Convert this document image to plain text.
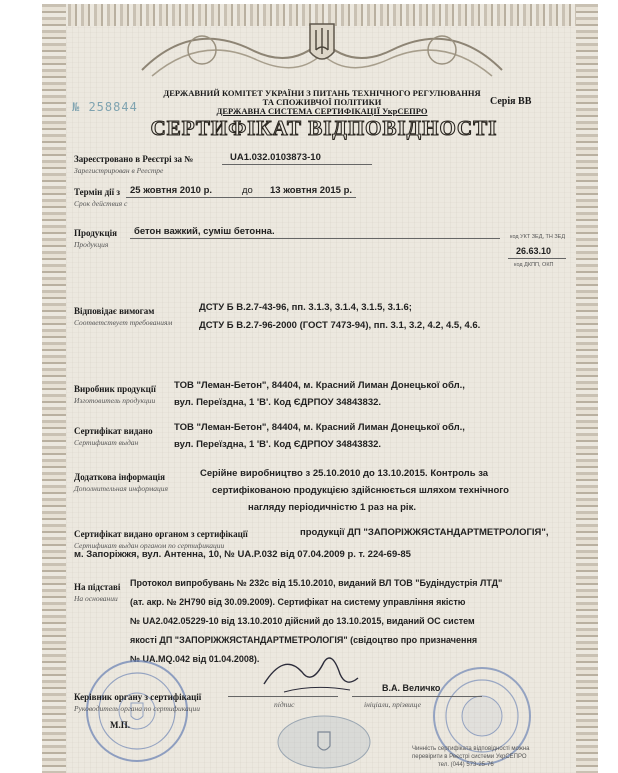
ДЕРЖАВНИЙ КОМІТЕТ УКРАЇНИ З ПИТАНЬ ТЕХНІЧНОГО РЕГУЛЮВАННЯ
ТА СПОЖИВЧОЇ ПОЛІТИКИ
ДЕРЖАВНА СИСТЕМА СЕРТИФІКАЦІЇ УкрСЕПРО
№ 258844	Серія ВВ
СЕРТИФІКАТ ВІДПОВІДНОСТІ
Зареєстровано в Реєстрі за №
Зарегистрирован в Реестре
UA1.032.0103873-10
Термін дії з
Срок действия с
25 жовтня 2010 р.	до 13 жовтня 2015 р.
Продукція
Продукция
бетон важкий, суміш бетонна.	код УКТ ЗЕД, ТН ЗЕД
26.63.10
код ДКПП, ОКП
Відповідає вимогам
Соответствует требованиям
ДСТУ Б В.2.7-43-96, пп. 3.1.3, 3.1.4, 3.1.5, 3.1.6;
ДСТУ Б В.2.7-96-2000 (ГОСТ 7473-94), пп. 3.1, 3.2, 4.2, 4.5, 4.6.
Виробник продукції
Изготовитель продукции
ТОВ "Леман-Бетон", 84404, м. Красний Лиман Донецької обл.,
вул. Переїздна, 1 'В'. Код ЄДРПОУ 34843832.
Сертифікат видано
Сертификат выдан
ТОВ "Леман-Бетон", 84404, м. Красний Лиман Донецької обл.,
вул. Переїздна, 1 'В'. Код ЄДРПОУ 34843832.
Додаткова інформація
Дополнительная информация
Серійне виробництво з 25.10.2010 до 13.10.2015. Контроль за
сертифікованою продукцією здійснюється шляхом технічного
нагляду періодичністю 1 раз на рік.
Сертифікат видано органом з сертифікації
Сертификат выдан органом по сертификации
продукції ДП "ЗАПОРІЖЖЯСТАНДАРТМЕТРОЛОГІЯ",
м. Запоріжжя, вул. Антенна, 10, № UA.P.032 від 07.04.2009 р. т. 224-69-85
На підставі
На основании
Протокол випробувань № 232с від 15.10.2010, виданий ВЛ ТОВ "Будіндустрія ЛТД"
(ат. акр. № 2Н790 від 30.09.2009). Сертифікат на систему управління якістю
№ UA2.042.05229-10 від 13.10.2010 дійсний до 13.10.2015, виданий ОС систем
якості ДП "ЗАПОРІЖЖЯСТАНДАРТМЕТРОЛОГІЯ" (свідоцтво про призначення
№ UA.MQ.042 від 01.04.2008).
Керівник органу з сертифікації
Руководитель органа по сертификации
В.А. Величко
М.П.
підпис	ініціали, прізвище
Чинність сертифіката відповідності можна
перевірити в Реєстрі системи УкрСЕПРО
тел. (044) 573-25-76
